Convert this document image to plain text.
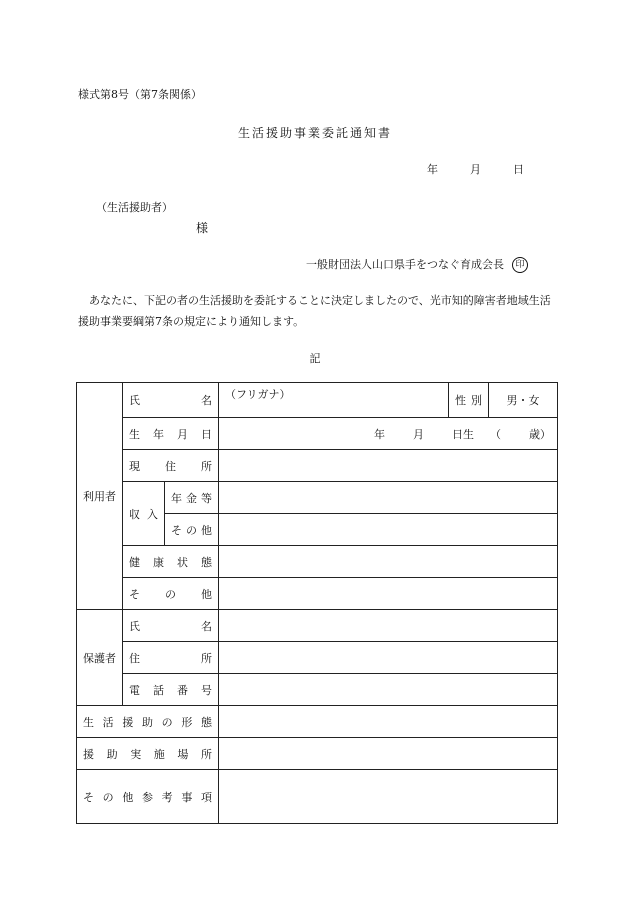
様式第8号（第7条関係）
生活援助事業委託通知書
年	月	日
（生活援助者）
様
一般財団法人山口県手をつなぐ育成会長 印
あなたに、下記の者の生活援助を委託することに決定しましたので、光市知的障害者地域生活援助事業要綱第7条の規定により通知します。
記
利用者	氏名		（フリガナ）	性別	男・女
	生年月日		年 月 日生 （ 歳）		
	現住所				
	収入	年金等			
		その他			
	健康状態				
	その他				
保護者	氏名				
	住所				
	電話番号				
生活援助の形態					
援助実施場所					
その他参考事項					
